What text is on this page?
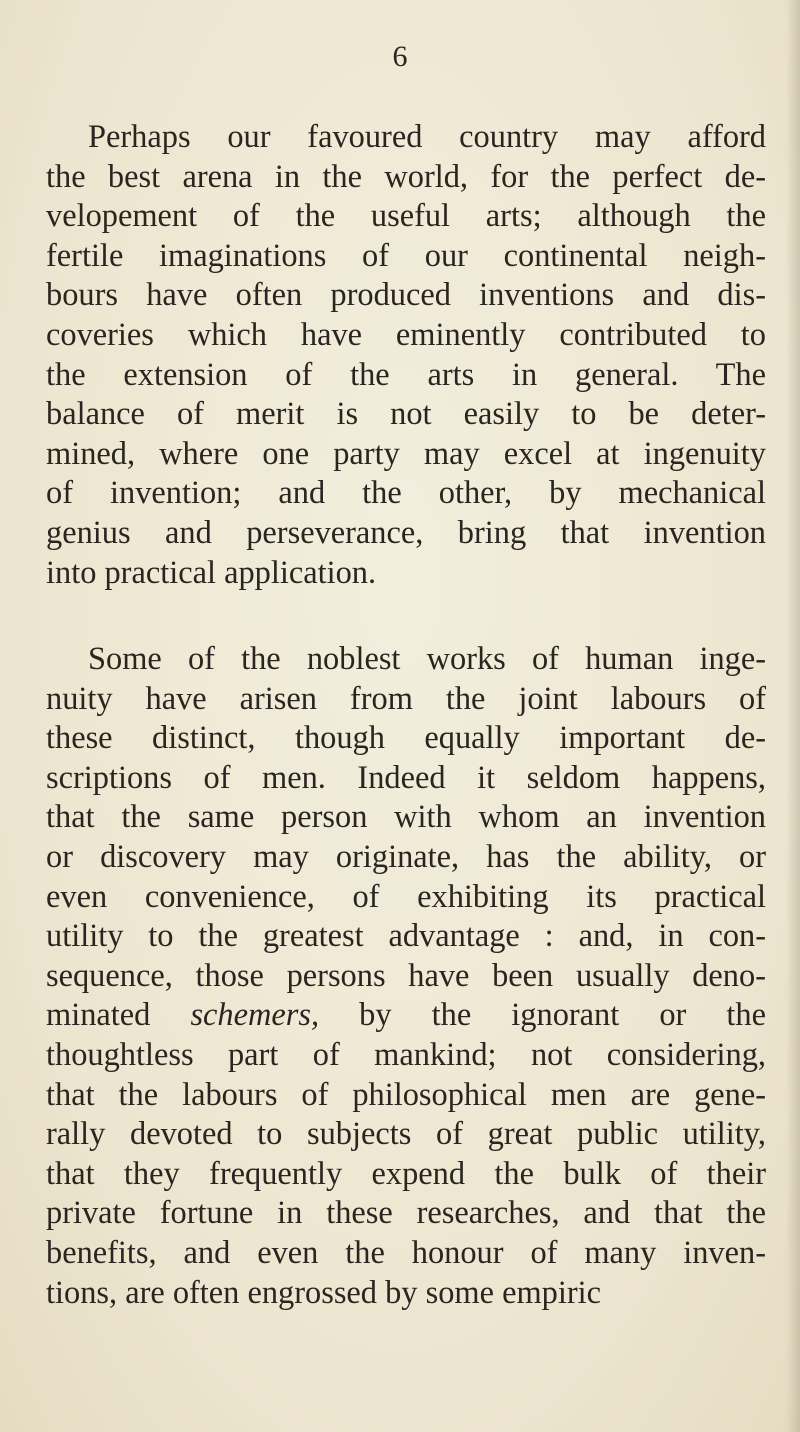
6
Perhaps our favoured country may afford
the best arena in the world, for the perfect de-
velopement of the useful arts; although the
fertile imaginations of our continental neigh-
bours have often produced inventions and dis-
coveries which have eminently contributed to
the extension of the arts in general. The
balance of merit is not easily to be deter-
mined, where one party may excel at ingenuity
of invention; and the other, by mechanical
genius and perseverance, bring that invention
into practical application.
Some of the noblest works of human inge-
nuity have arisen from the joint labours of
these distinct, though equally important de-
scriptions of men. Indeed it seldom happens,
that the same person with whom an invention
or discovery may originate, has the ability, or
even convenience, of exhibiting its practical
utility to the greatest advantage : and, in con-
sequence, those persons have been usually deno-
minated schemers, by the ignorant or the
thoughtless part of mankind; not considering,
that the labours of philosophical men are gene-
rally devoted to subjects of great public utility,
that they frequently expend the bulk of their
private fortune in these researches, and that the
benefits, and even the honour of many inven-
tions, are often engrossed by some empiric
